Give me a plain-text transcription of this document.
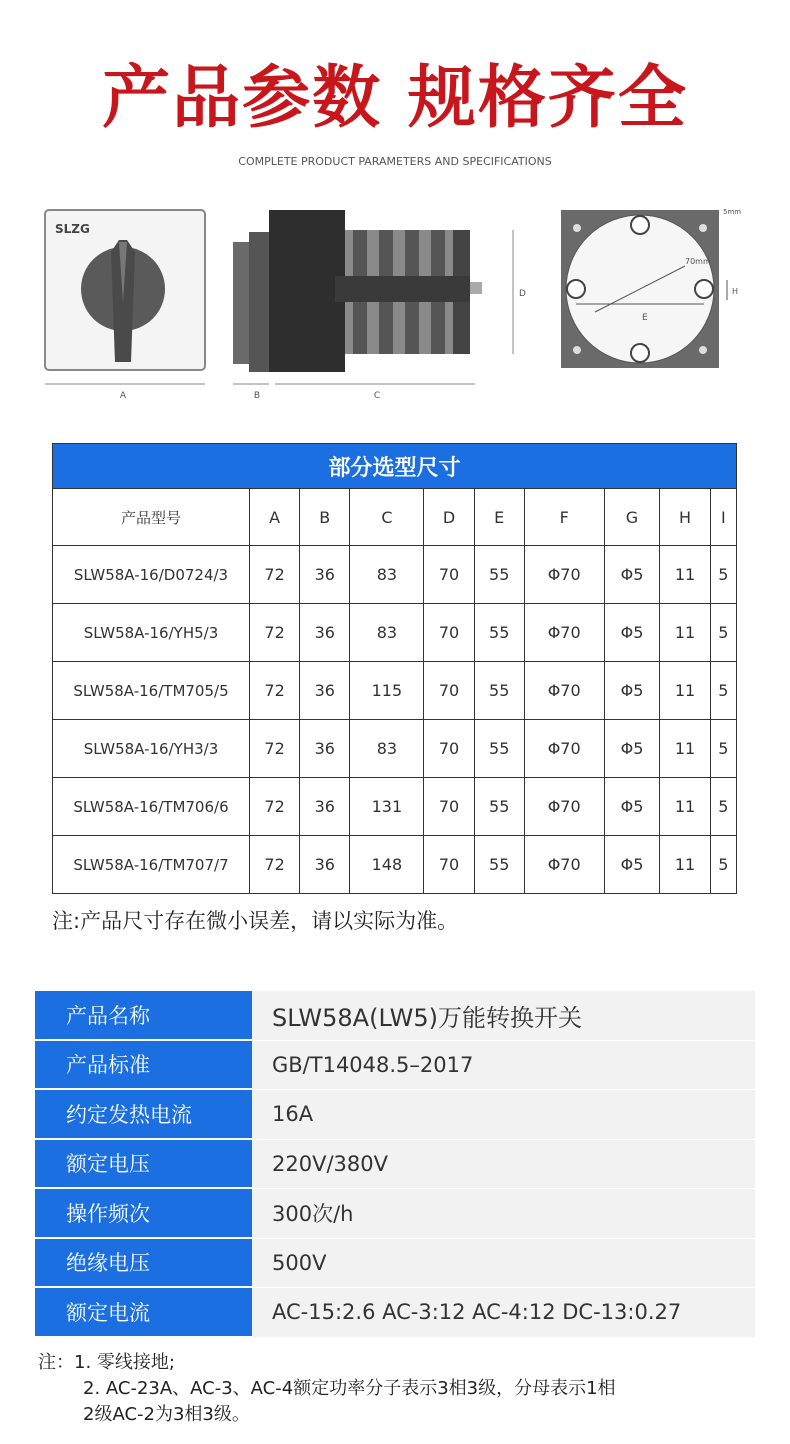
产品参数 规格齐全
COMPLETE PRODUCT PARAMETERS AND SPECIFICATIONS
SLZG
A
D
B	C
70mm
E
H
5mm
部分选型尺寸									
产品型号	A	B	C	D	E	F	G	H	I
SLW58A-16/D0724/3	72	36	83	70	55	Φ70	Φ5	11	5
SLW58A-16/YH5/3	72	36	83	70	55	Φ70	Φ5	11	5
SLW58A-16/TM705/5	72	36	115	70	55	Φ70	Φ5	11	5
SLW58A-16/YH3/3	72	36	83	70	55	Φ70	Φ5	11	5
SLW58A-16/TM706/6	72	36	131	70	55	Φ70	Φ5	11	5
SLW58A-16/TM707/7	72	36	148	70	55	Φ70	Φ5	11	5
注:产品尺寸存在微小误差，请以实际为准。
产品名称	SLW58A(LW5)万能转换开关
产品标准	GB/T14048.5–2017
约定发热电流	16A
额定电压	220V/380V
操作频次	300次/h
绝缘电压	500V
额定电流	AC-15:2.6 AC-3:12 AC-4:12 DC-13:0.27
注：1. 零线接地;
2. AC-23A、AC-3、AC-4额定功率分子表示3相3级，分母表示1相
2级AC-2为3相3级。
